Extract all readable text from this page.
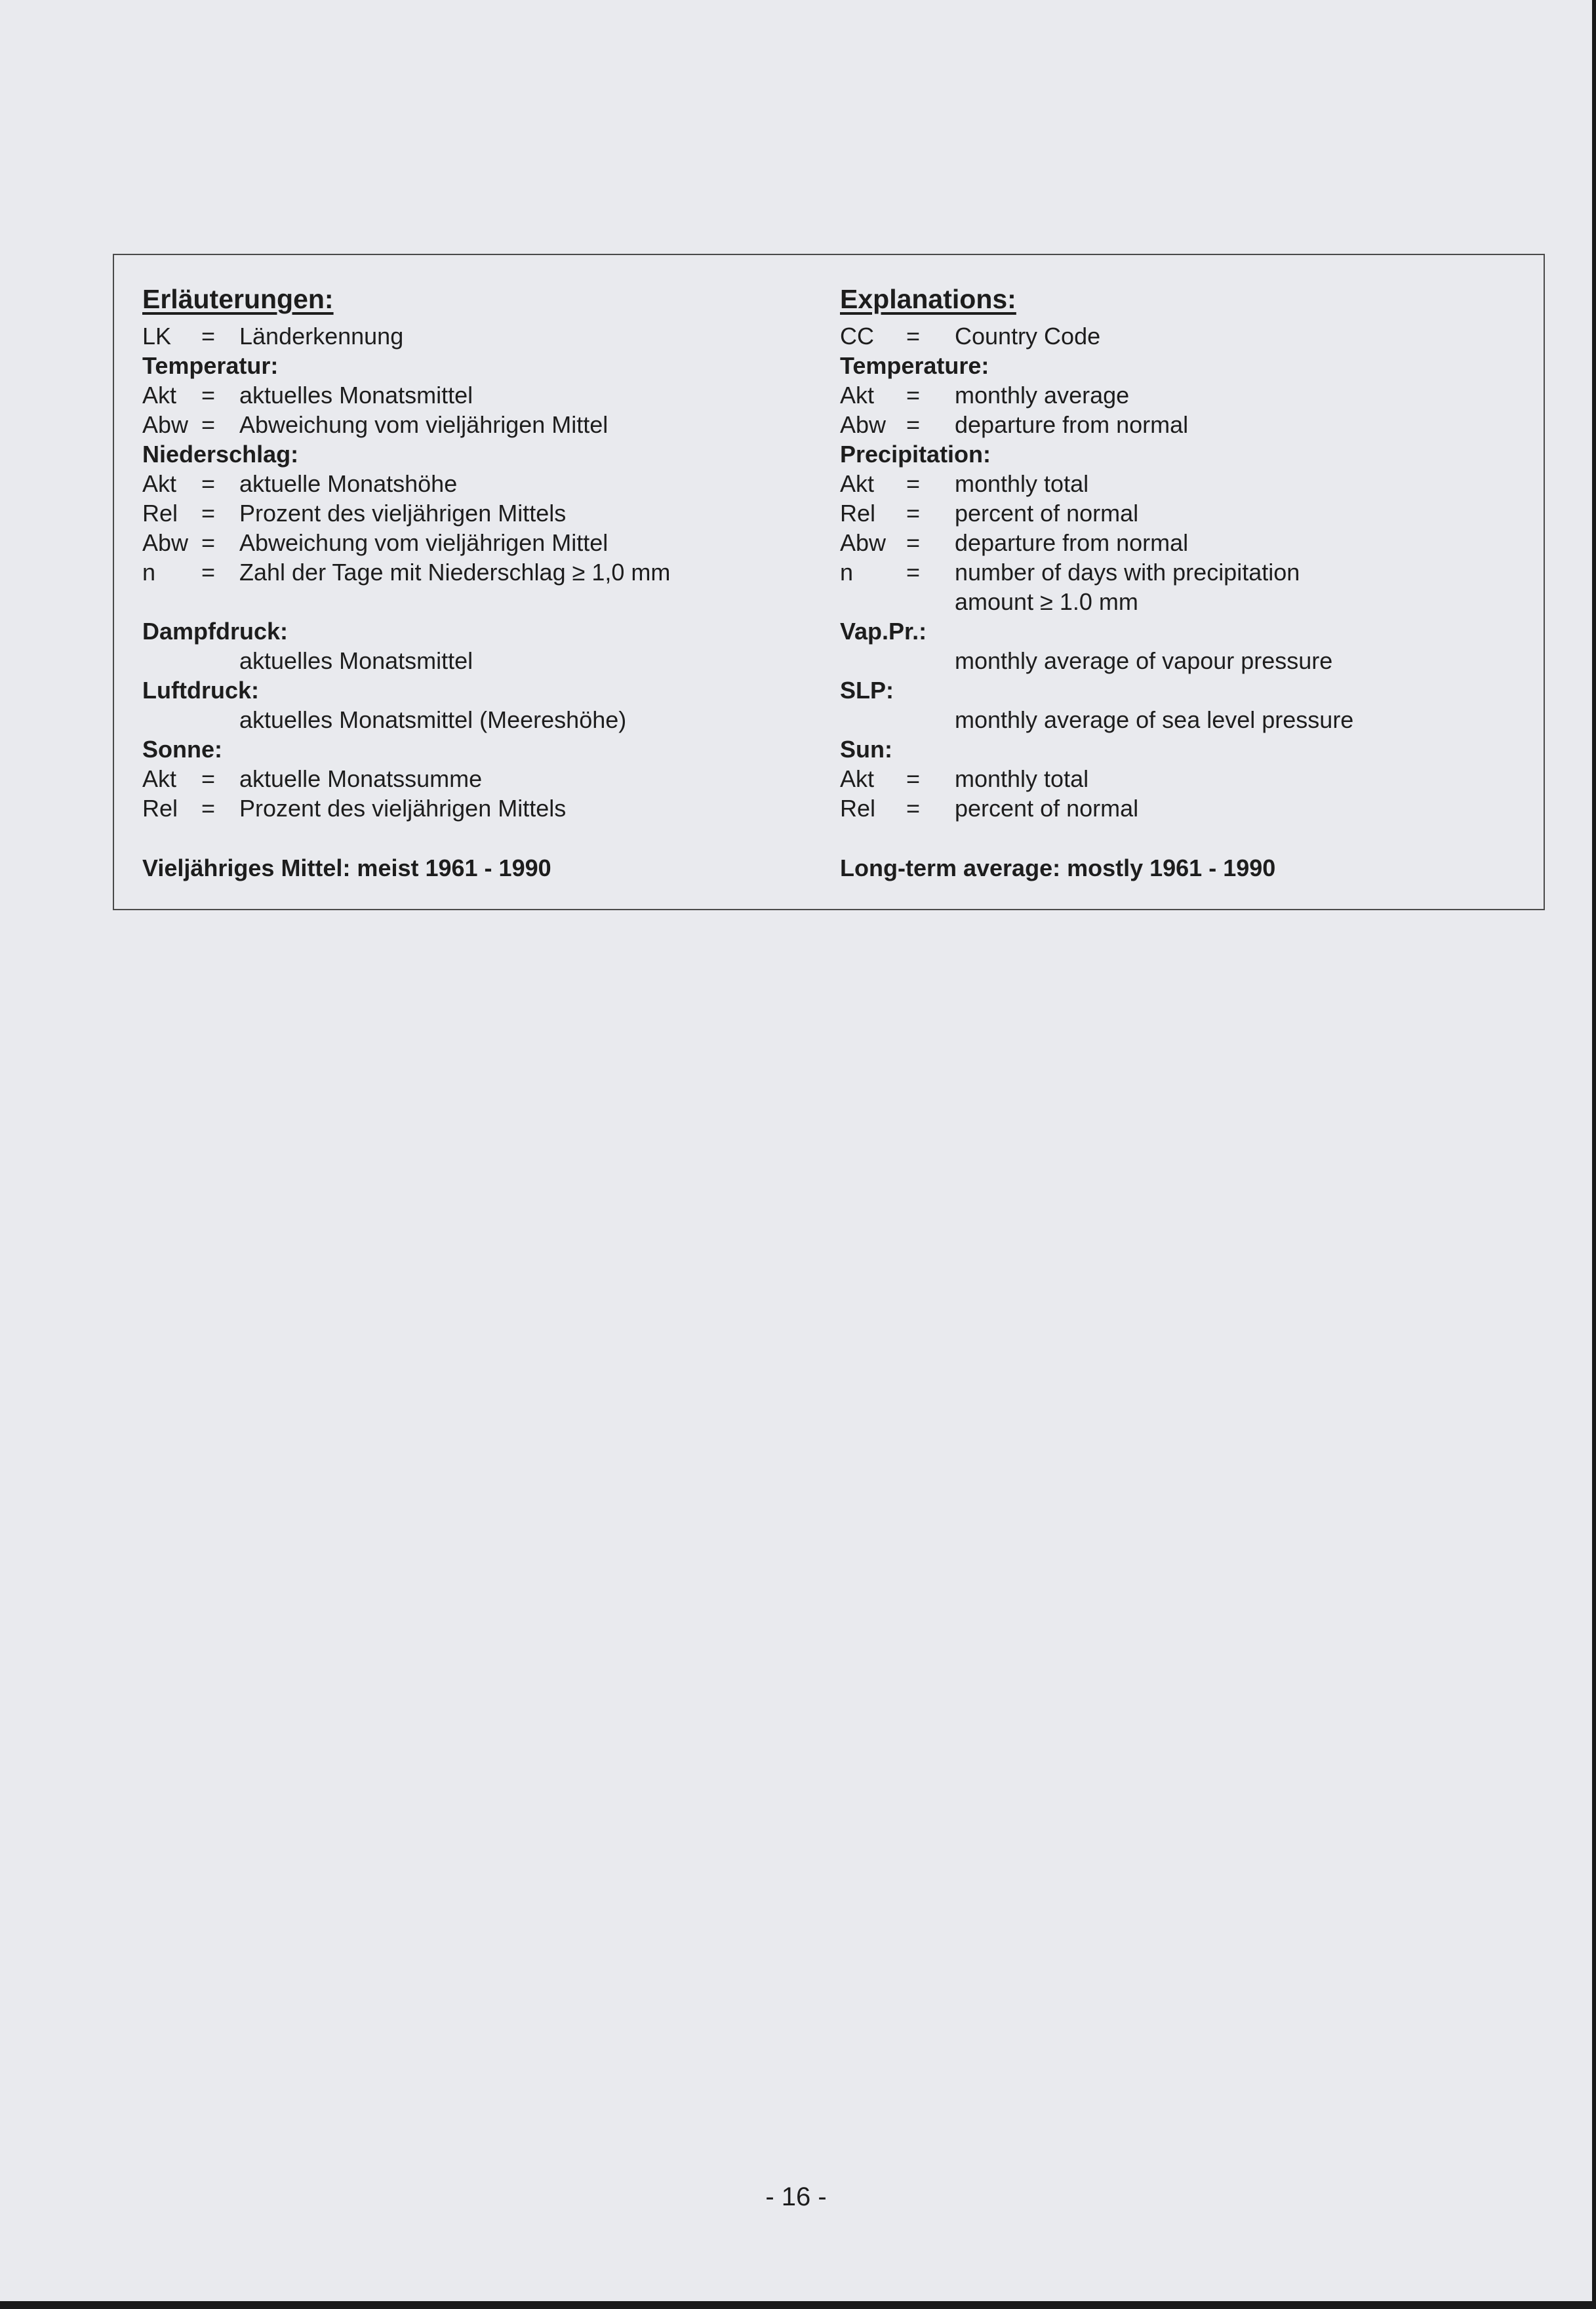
Erläuterungen:
LK = Länderkennung
Temperatur:
Akt = aktuelles Monatsmittel
Abw = Abweichung vom vieljährigen Mittel
Niederschlag:
Akt = aktuelle Monatshöhe
Rel = Prozent des vieljährigen Mittels
Abw = Abweichung vom vieljährigen Mittel
n = Zahl der Tage mit Niederschlag ≥ 1,0 mm
Dampfdruck:
aktuelles Monatsmittel
Luftdruck:
aktuelles Monatsmittel (Meereshöhe)
Sonne:
Akt = aktuelle Monatssumme
Rel = Prozent des vieljährigen Mittels
Vieljähriges Mittel: meist 1961 - 1990
Explanations:
CC = Country Code
Temperature:
Akt = monthly average
Abw = departure from normal
Precipitation:
Akt = monthly total
Rel = percent of normal
Abw = departure from normal
n = number of days with precipitation
amount ≥ 1.0 mm
Vap.Pr.:
monthly average of vapour pressure
SLP:
monthly average of sea level pressure
Sun:
Akt = monthly total
Rel = percent of normal
Long-term average: mostly 1961 - 1990
- 16 -
